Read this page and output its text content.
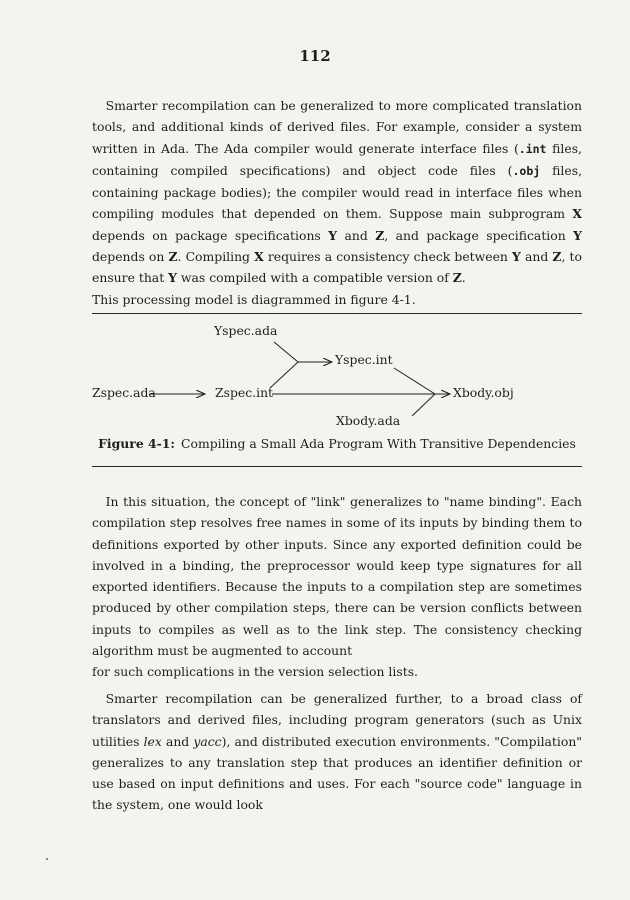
112

Smarter recompilation can be generalized to more complicated translation tools, and additional kinds of derived files. For example, consider a system written in Ada. The Ada compiler would generate interface files (.int files, containing compiled specifications) and object code files (.obj files, containing package bodies); the compiler would read in interface files when compiling modules that depended on them. Suppose main subprogram X depends on package specifications Y and Z, and package specification Y depends on Z. Compiling X requires a consistency check between Y and Z, to ensure that Y was compiled with a compatible version of Z.
This processing model is diagrammed in figure 4-1.

Yspec.ada
Yspec.int
Zspec.ada	Zspec.int	Xbody.obj
Xbody.ada
Figure 4-1: Compiling a Small Ada Program With Transitive Dependencies

In this situation, the concept of "link" generalizes to "name binding". Each compilation step resolves free names in some of its inputs by binding them to definitions exported by other inputs. Since any exported definition could be involved in a binding, the preprocessor would keep type signatures for all exported identifiers. Because the inputs to a compilation step are sometimes produced by other compilation steps, there can be version conflicts between inputs to compiles as well as to the link step. The consistency checking algorithm must be augmented to account
for such complications in the version selection lists.

Smarter recompilation can be generalized further, to a broad class of translators and derived files, including program generators (such as Unix utilities lex and yacc), and distributed execution environments. "Compilation" generalizes to any translation step that produces an identifier definition or use based on input definitions and uses. For each "source code" language in the system, one would look
